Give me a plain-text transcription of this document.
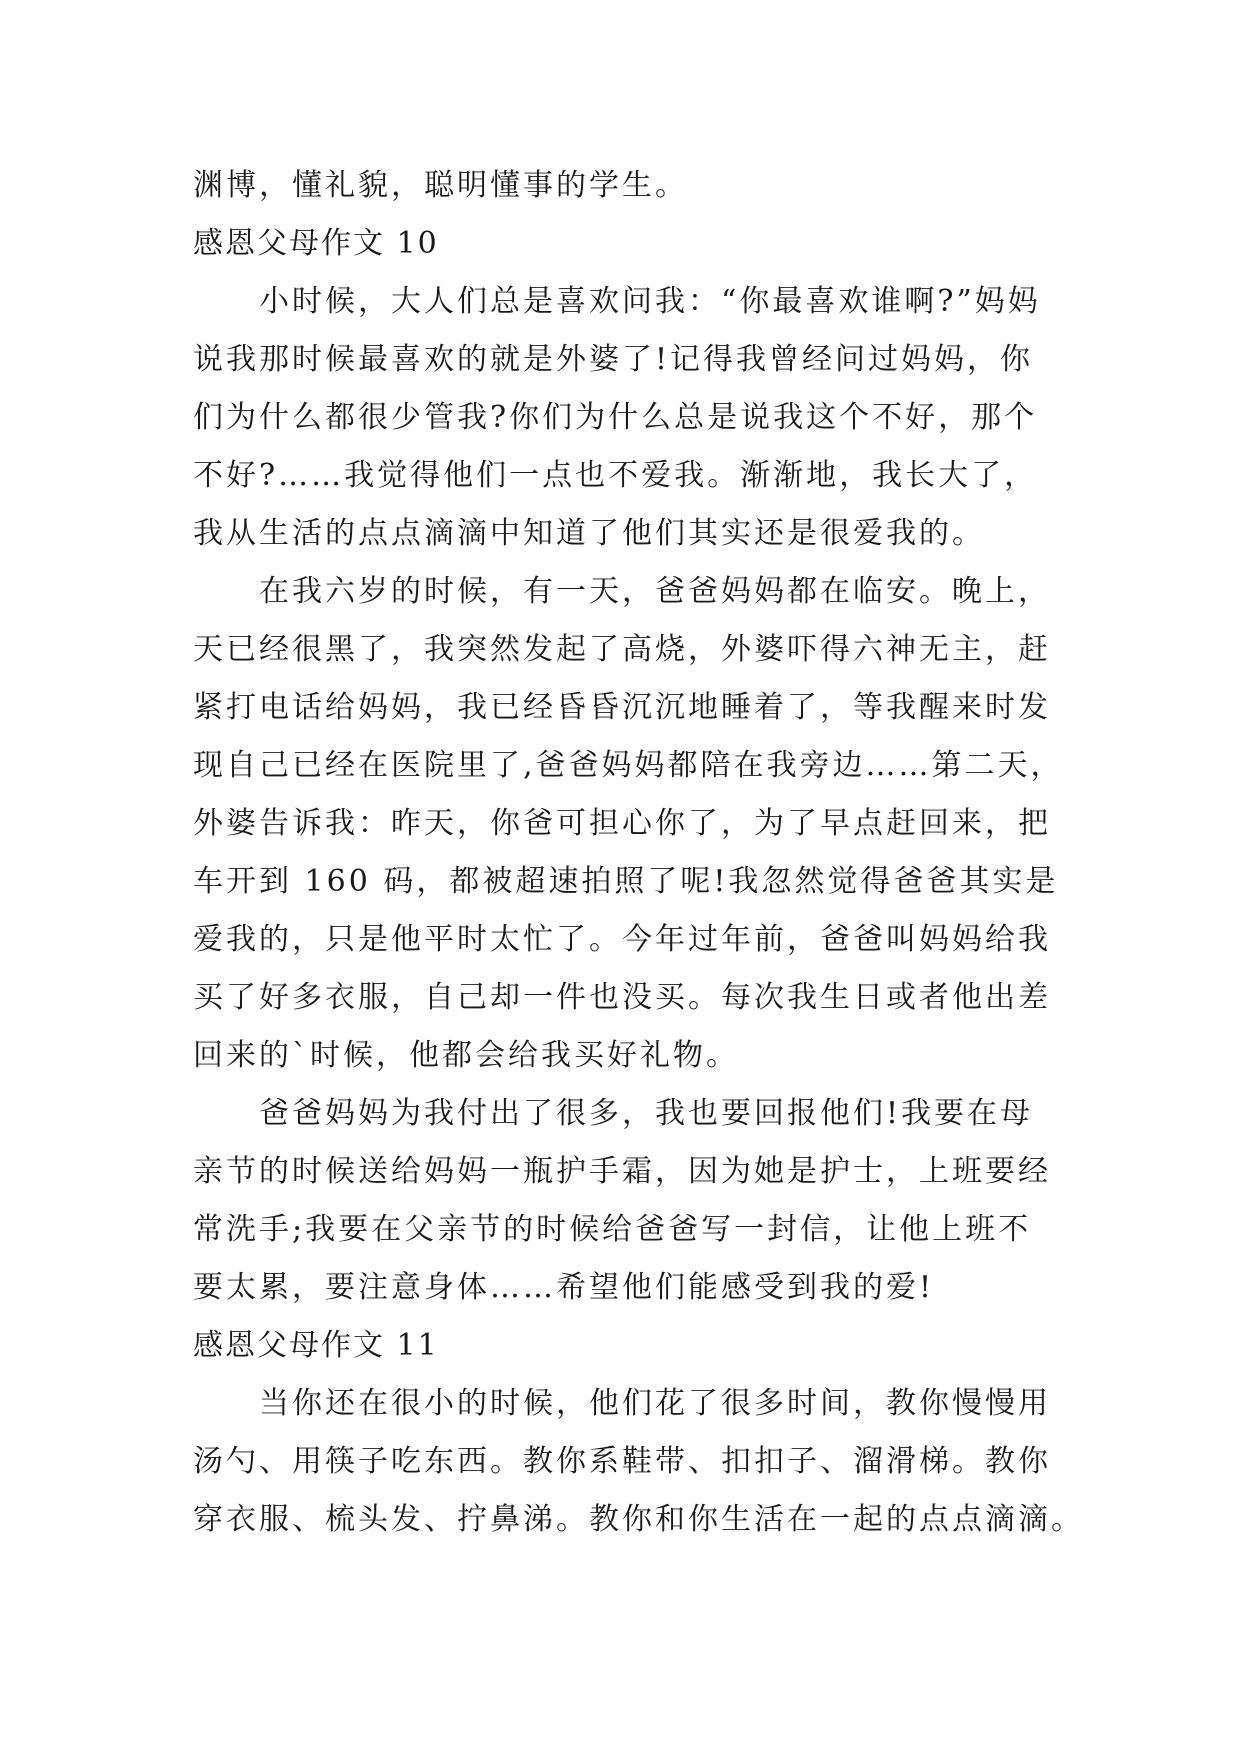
渊博，懂礼貌，聪明懂事的学生。
感恩父母作文 10
小时候，大人们总是喜欢问我：“你最喜欢谁啊?”妈妈
说我那时候最喜欢的就是外婆了!记得我曾经问过妈妈，你
们为什么都很少管我?你们为什么总是说我这个不好，那个
不好?……我觉得他们一点也不爱我。渐渐地，我长大了，
我从生活的点点滴滴中知道了他们其实还是很爱我的。
在我六岁的时候，有一天，爸爸妈妈都在临安。晚上，
天已经很黑了，我突然发起了高烧，外婆吓得六神无主，赶
紧打电话给妈妈，我已经昏昏沉沉地睡着了，等我醒来时发
现自己已经在医院里了,爸爸妈妈都陪在我旁边……第二天，
外婆告诉我：昨天，你爸可担心你了，为了早点赶回来，把
车开到 160 码，都被超速拍照了呢!我忽然觉得爸爸其实是
爱我的，只是他平时太忙了。今年过年前，爸爸叫妈妈给我
买了好多衣服，自己却一件也没买。每次我生日或者他出差
回来的`时候，他都会给我买好礼物。
爸爸妈妈为我付出了很多，我也要回报他们!我要在母
亲节的时候送给妈妈一瓶护手霜，因为她是护士，上班要经
常洗手;我要在父亲节的时候给爸爸写一封信，让他上班不
要太累，要注意身体……希望他们能感受到我的爱!
感恩父母作文 11
当你还在很小的时候，他们花了很多时间，教你慢慢用
汤勺、用筷子吃东西。教你系鞋带、扣扣子、溜滑梯。教你
穿衣服、梳头发、拧鼻涕。教你和你生活在一起的点点滴滴。
